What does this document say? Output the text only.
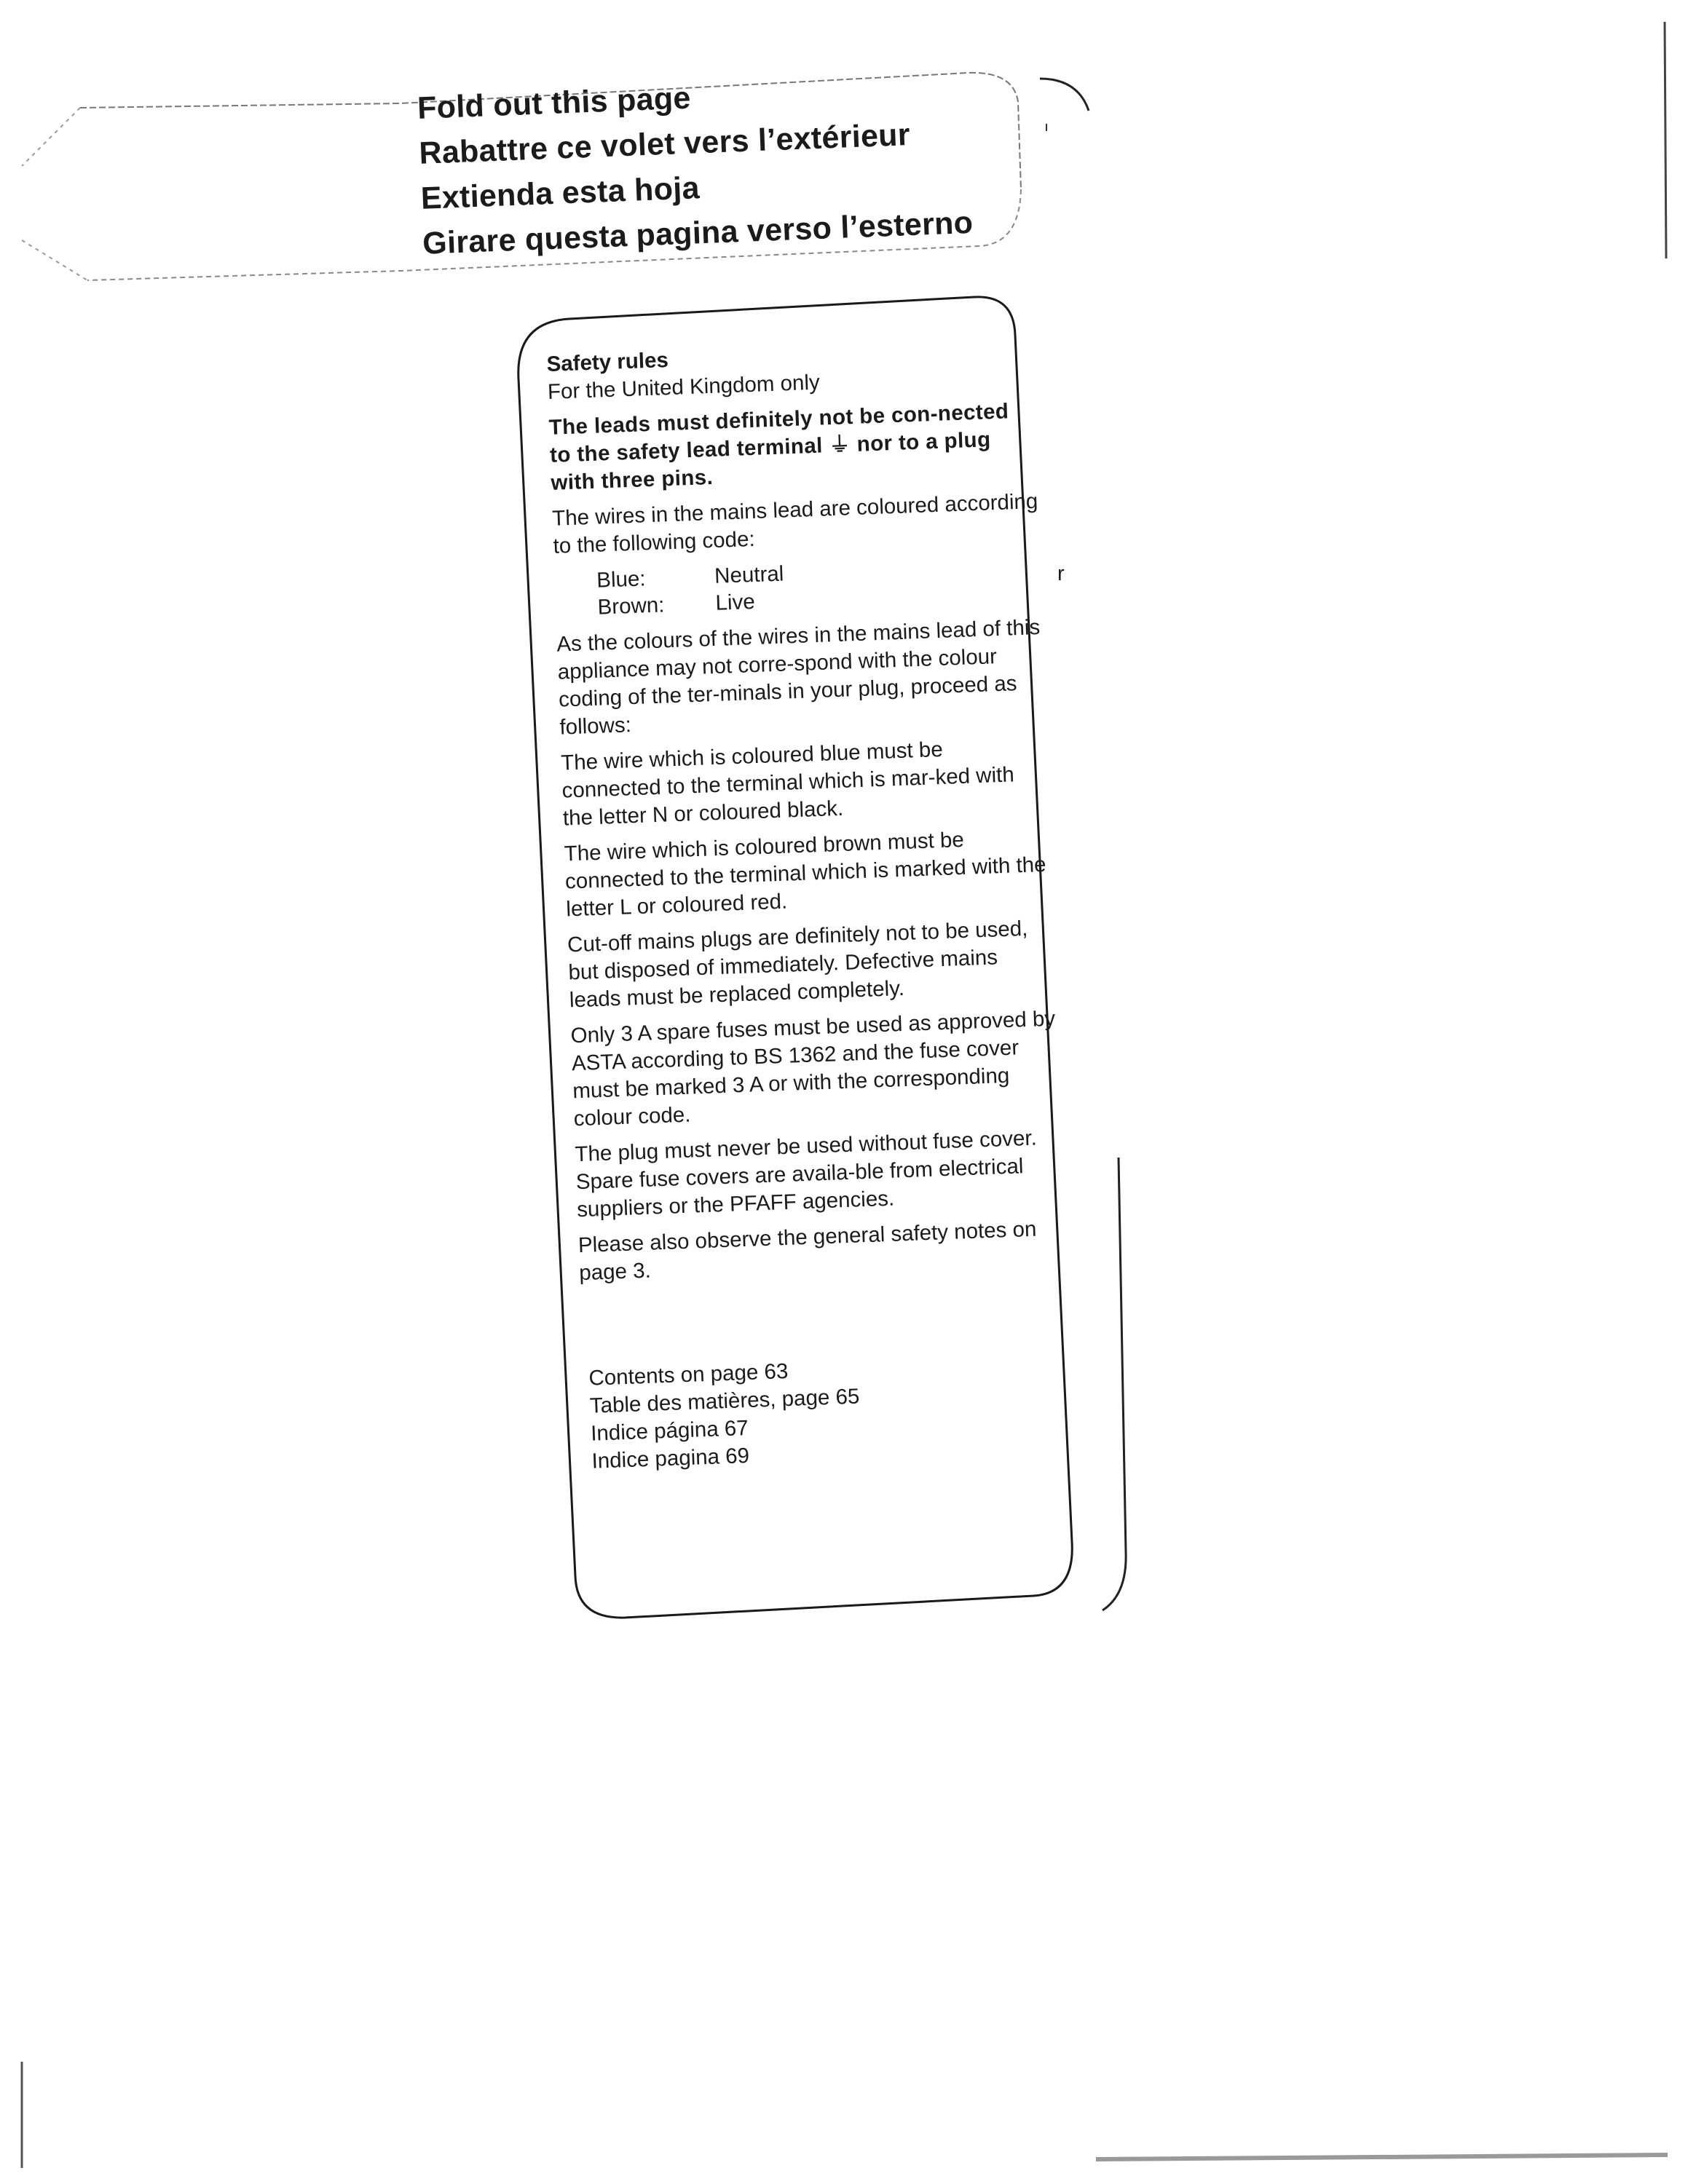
Fold out this page
Rabattre ce volet vers l’extérieur
Extienda esta hoja
Girare questa pagina verso l’esterno

Safety rules
For the United Kingdom only

The leads must definitely not be con-nected to the safety lead terminal ⏚ nor to a plug with three pins.

The wires in the mains lead are coloured according to the following code:

Blue:	Neutral
Brown:	Live

As the colours of the wires in the mains lead of this appliance may not corre-spond with the colour coding of the ter-minals in your plug, proceed as follows:

The wire which is coloured blue must be connected to the terminal which is mar-ked with the letter N or coloured black.

The wire which is coloured brown must be connected to the terminal which is marked with the letter L or coloured red.

Cut-off mains plugs are definitely not to be used, but disposed of immediately. Defective mains leads must be replaced completely.

Only 3 A spare fuses must be used as approved by ASTA according to BS 1362 and the fuse cover must be marked 3 A or with the corresponding colour code.

The plug must never be used without fuse cover. Spare fuse covers are availa-ble from electrical suppliers or the PFAFF agencies.

Please also observe the general safety notes on page 3.

Contents on page 63
Table des matières, page 65
Indice página 67
Indice pagina 69
r
